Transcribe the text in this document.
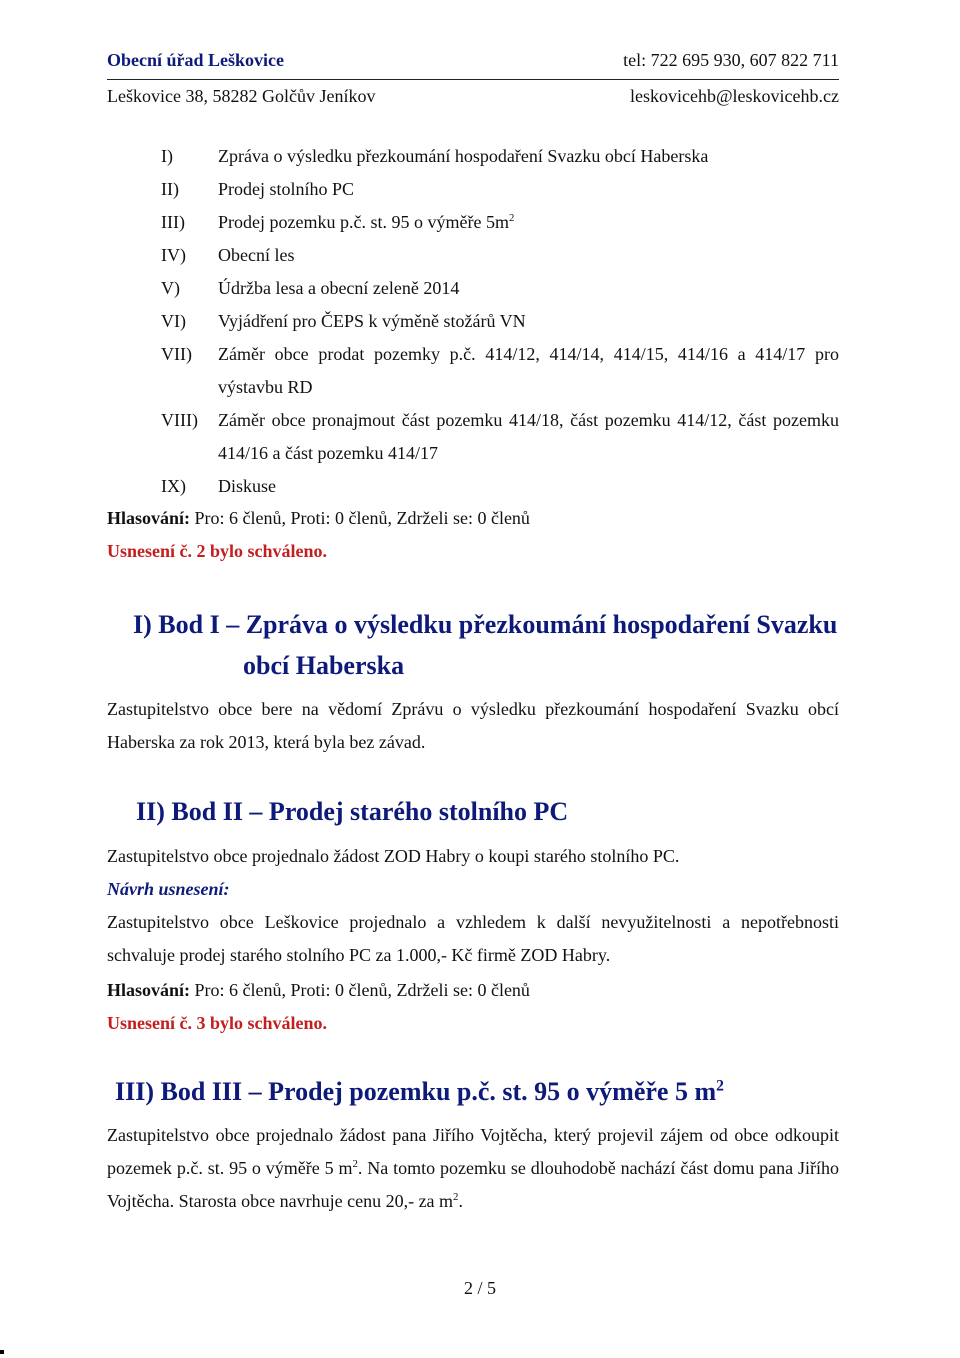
Obecní úřad Leškovice	tel: 722 695 930, 607 822 711
Leškovice 38, 58282 Golčův Jeníkov	leskovicehb@leskovicehb.cz
I)	Zpráva o výsledku přezkoumání hospodaření Svazku obcí Haberska
II)	Prodej stolního PC
III)	Prodej pozemku p.č. st. 95 o výměře $5m^2$
IV)	Obecní les
V)	Údržba lesa a obecní zeleně 2014
VI)	Vyjádření pro ČEPS k výměně stožárů VN
VII)	Záměr obce prodat pozemky p.č. 414/12, 414/14, 414/15, 414/16 a 414/17 pro výstavbu RD
VIII)	Záměr obce pronajmout část pozemku 414/18, část pozemku 414/12, část pozemku 414/16 a část pozemku 414/17
IX)	Diskuse
Hlasování: Pro: 6 členů, Proti: 0 členů, Zdrželi se: 0 členů
Usnesení č. 2 bylo schváleno.
I) Bod I – Zpráva o výsledku přezkoumání hospodaření Svazku
obcí Haberska
Zastupitelstvo obce bere na vědomí Zprávu o výsledku přezkoumání hospodaření Svazku obcí Haberska za rok 2013, která byla bez závad.
II) Bod II – Prodej starého stolního PC
Zastupitelstvo obce projednalo žádost ZOD Habry o koupi starého stolního PC.
Návrh usnesení:
Zastupitelstvo obce Leškovice projednalo a vzhledem k další nevyužitelnosti a nepotřebnosti schvaluje prodej starého stolního PC za 1.000,- Kč firmě ZOD Habry.
Hlasování: Pro: 6 členů, Proti: 0 členů, Zdrželi se: 0 členů
Usnesení č. 3 bylo schváleno.
III) Bod III – Prodej pozemku p.č. st. 95 o výměře 5 $m^2$
Zastupitelstvo obce projednalo žádost pana Jiřího Vojtěcha, který projevil zájem od obce odkoupit pozemek p.č. st. 95 o výměře 5 $m^2$. Na tomto pozemku se dlouhodobě nachází část domu pana Jiřího Vojtěcha. Starosta obce navrhuje cenu 20,- za $m^2$.
2 / 5
